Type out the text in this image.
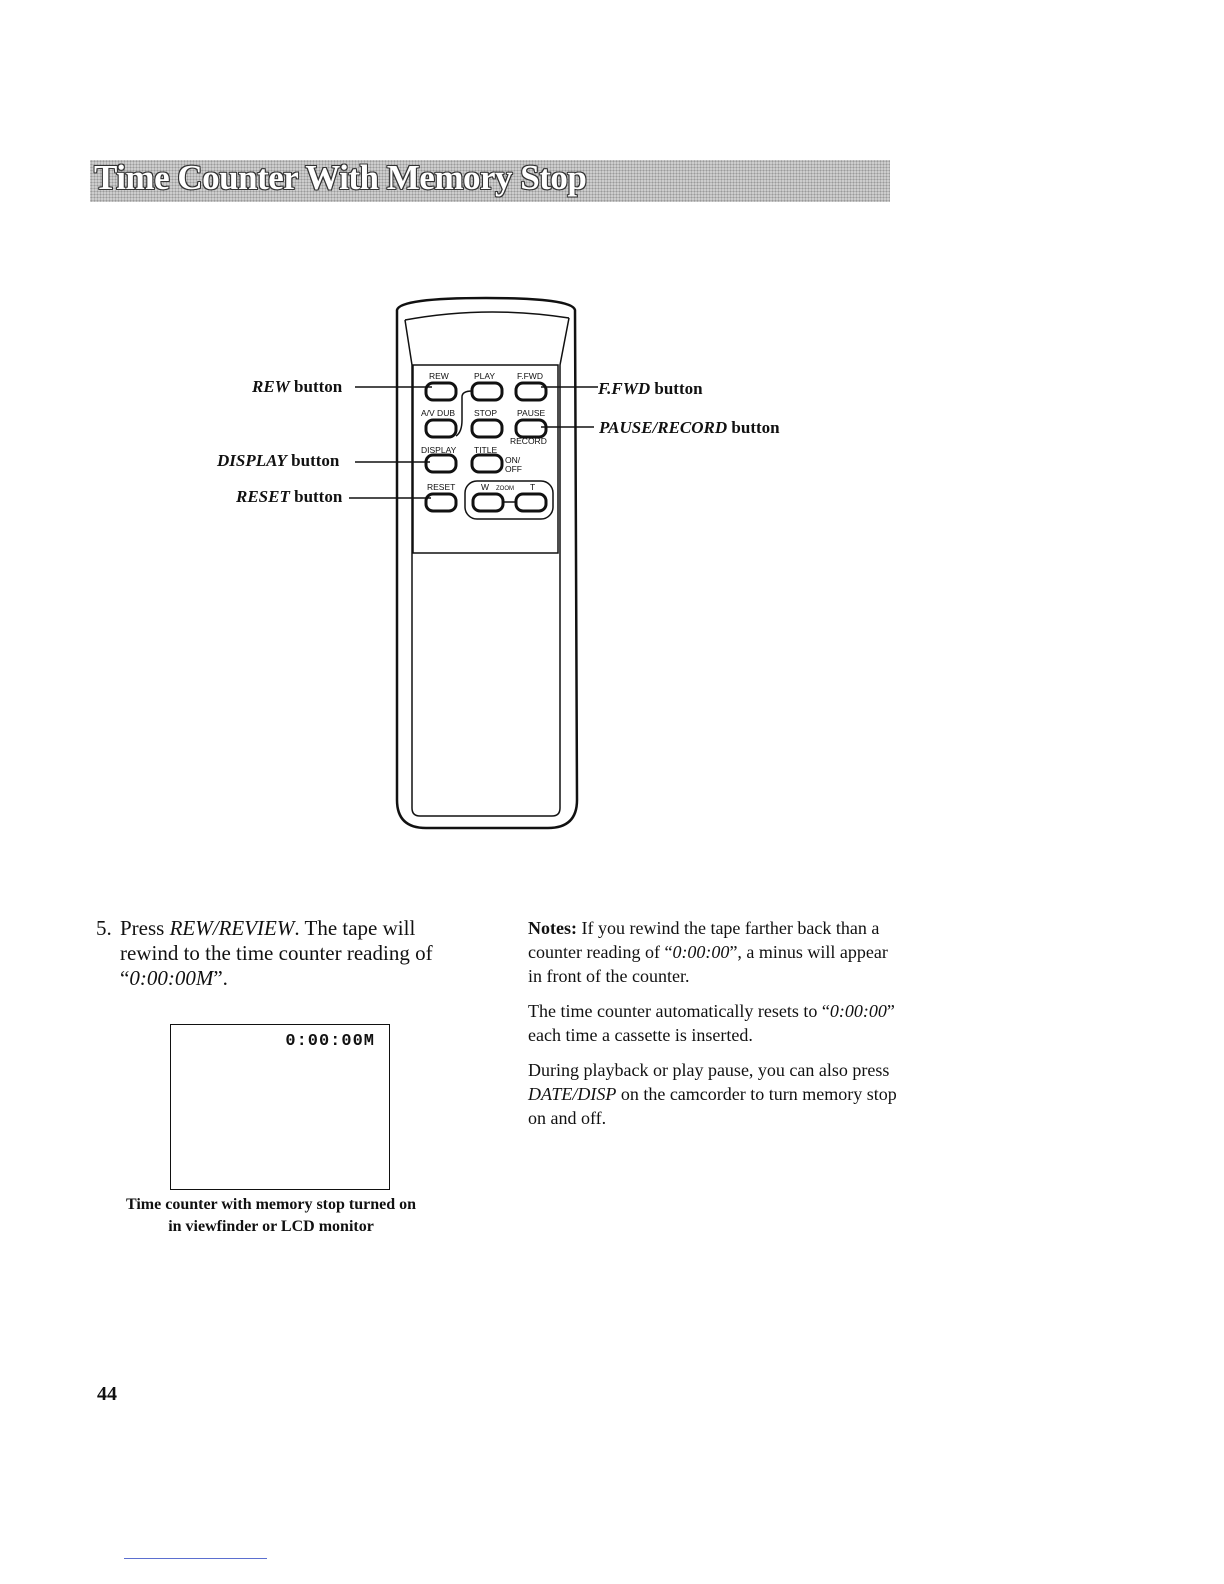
Time Counter With Memory Stop
REW	PLAY	F.FWD
A/V DUB STOP PAUSE
RECORD
DISPLAY TITLE
ON/
OFF
RESET	W ZOOM T
REW button	F.FWD button
PAUSE/RECORD button
DISPLAY button
RESET button
5. Press REW/REVIEW. The tape will
rewind to the time counter reading of
“0:00:00M”.
0:00:00M
Time counter with memory stop turned on
in viewfinder or LCD monitor

Notes: If you rewind the tape farther back than a counter reading of “0:00:00”, a minus will appear in front of the counter.

The time counter automatically resets to “0:00:00” each time a cassette is inserted.

During playback or play pause, you can also press DATE/DISP on the camcorder to turn memory stop on and off.

44
